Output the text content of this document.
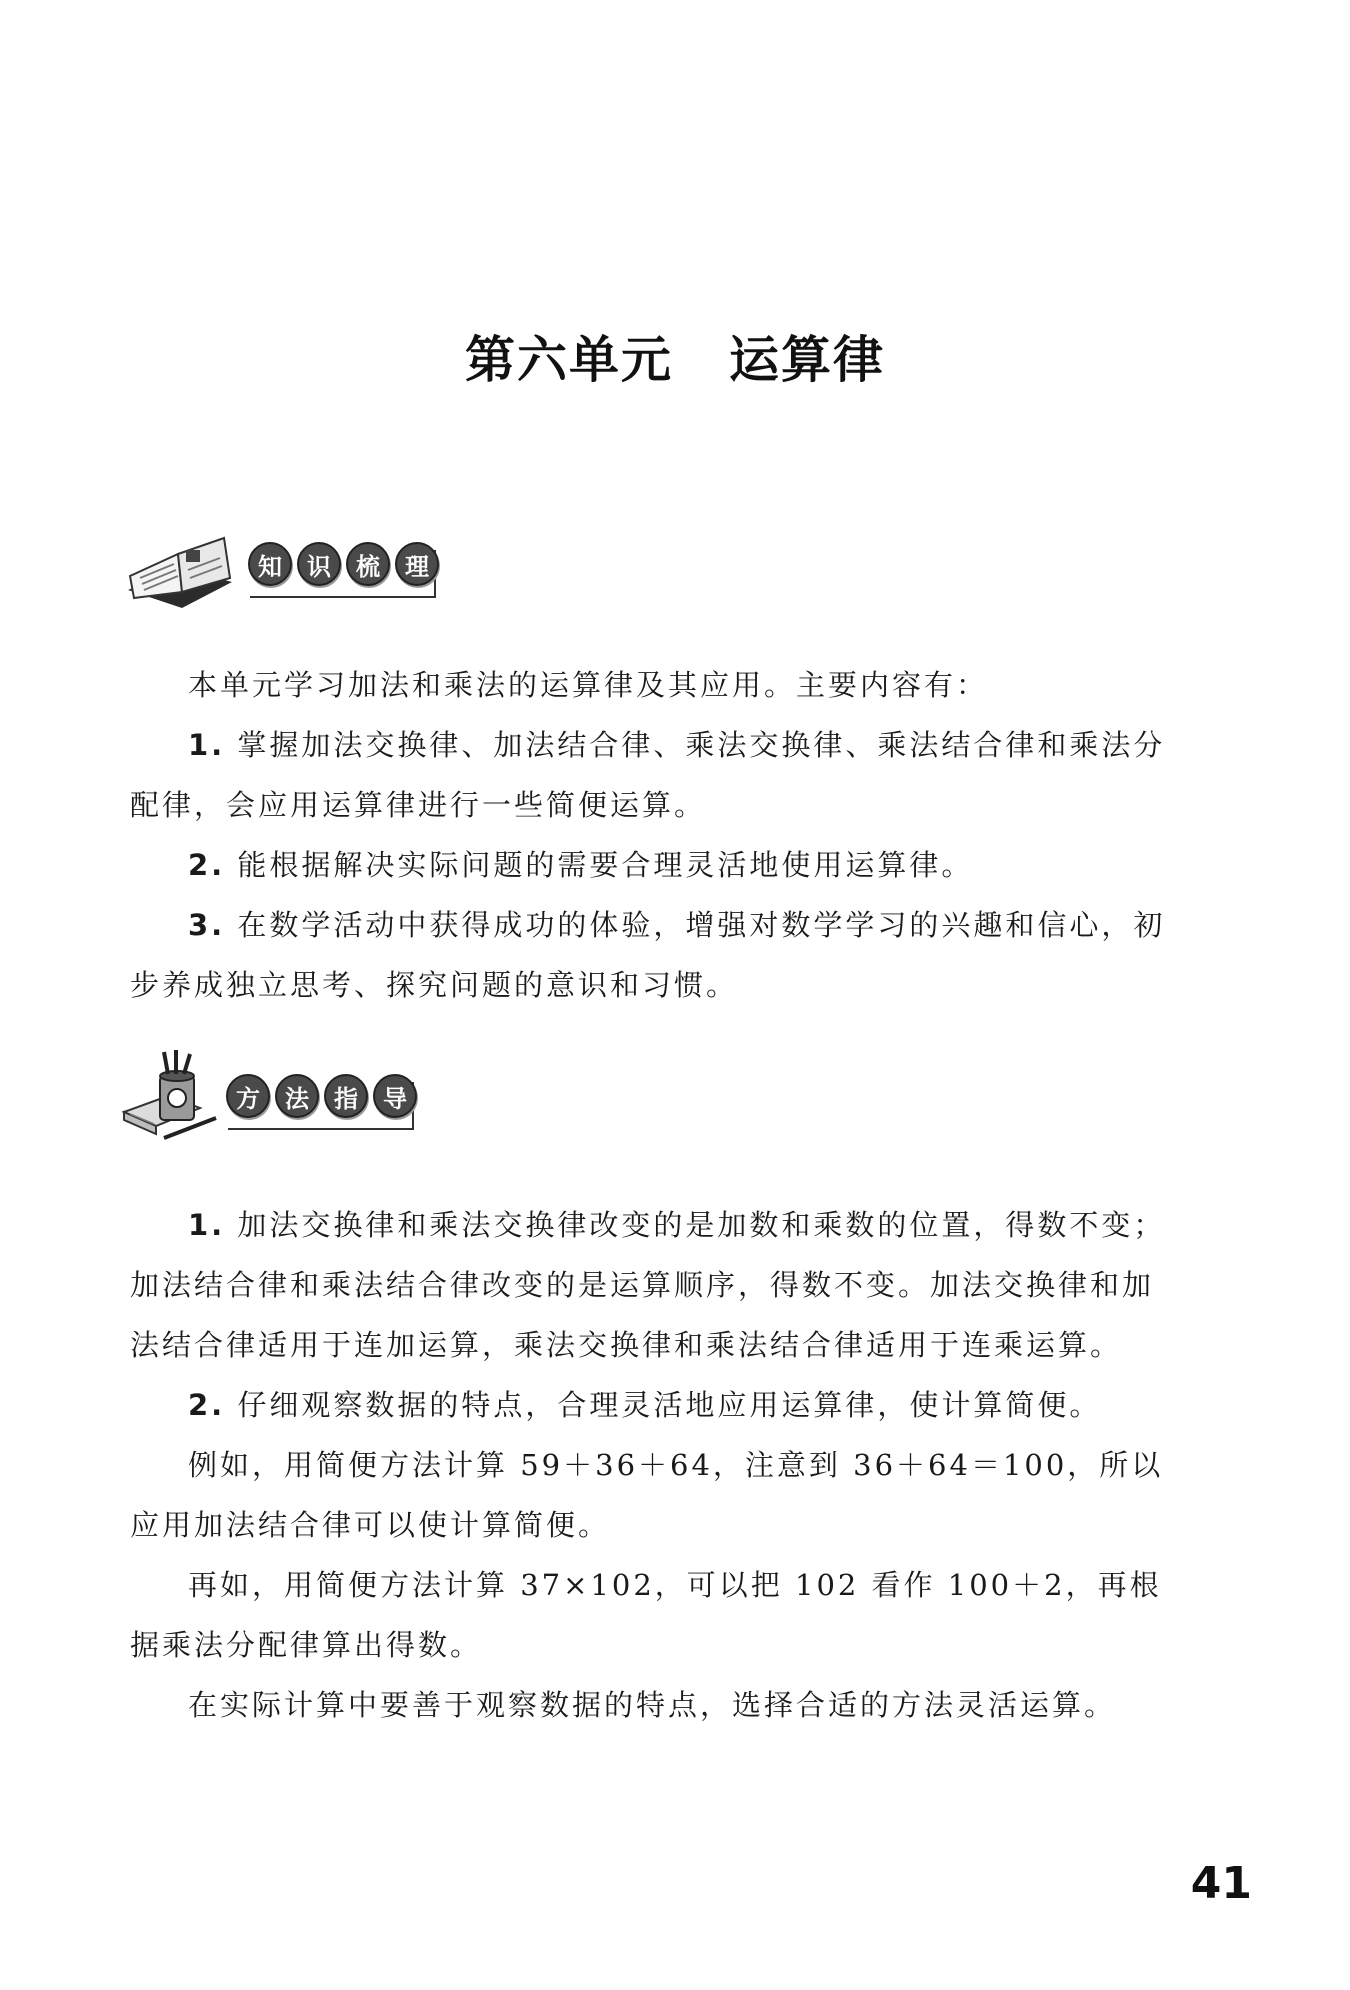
第六单元 运算律
知	识	梳	理

本单元学习加法和乘法的运算律及其应用。主要内容有：

1. 掌握加法交换律、加法结合律、乘法交换律、乘法结合律和乘法分配律，会应用运算律进行一些简便运算。

2. 能根据解决实际问题的需要合理灵活地使用运算律。

3. 在数学活动中获得成功的体验，增强对数学学习的兴趣和信心，初步养成独立思考、探究问题的意识和习惯。

方	法	指	导

1. 加法交换律和乘法交换律改变的是加数和乘数的位置，得数不变；加法结合律和乘法结合律改变的是运算顺序，得数不变。加法交换律和加法结合律适用于连加运算，乘法交换律和乘法结合律适用于连乘运算。

2. 仔细观察数据的特点，合理灵活地应用运算律，使计算简便。

例如，用简便方法计算 59＋36＋64，注意到 36＋64＝100，所以应用加法结合律可以使计算简便。

再如，用简便方法计算 37×102，可以把 102 看作 100＋2，再根据乘法分配律算出得数。

在实际计算中要善于观察数据的特点，选择合适的方法灵活运算。

41
